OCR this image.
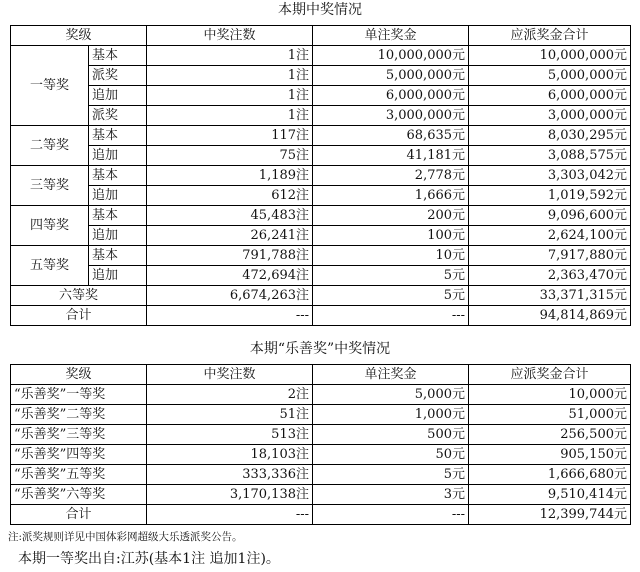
本期中奖情况
奖级		中奖注数	单注奖金	应派奖金合计
一等奖	基本	1注	10,000,000元	10,000,000元
	派奖	1注	5,000,000元	5,000,000元
	追加	1注	6,000,000元	6,000,000元
	派奖	1注	3,000,000元	3,000,000元
二等奖	基本	117注	68,635元	8,030,295元
	追加	75注	41,181元	3,088,575元
三等奖	基本	1,189注	2,778元	3,303,042元
	追加	612注	1,666元	1,019,592元
四等奖	基本	45,483注	200元	9,096,600元
	追加	26,241注	100元	2,624,100元
五等奖	基本	791,788注	10元	7,917,880元
	追加	472,694注	5元	2,363,470元
六等奖		6,674,263注	5元	33,371,315元
合计		---	---	94,814,869元
本期“乐善奖”中奖情况
奖级	中奖注数	单注奖金	应派奖金合计
“乐善奖”一等奖	2注	5,000元	10,000元
“乐善奖”二等奖	51注	1,000元	51,000元
“乐善奖”三等奖	513注	500元	256,500元
“乐善奖”四等奖	18,103注	50元	905,150元
“乐善奖”五等奖	333,336注	5元	1,666,680元
“乐善奖”六等奖	3,170,138注	3元	9,510,414元
合计	---	---	12,399,744元
注:派奖规则详见中国体彩网超级大乐透派奖公告。
本期一等奖出自:江苏(基本1注 追加1注)。
